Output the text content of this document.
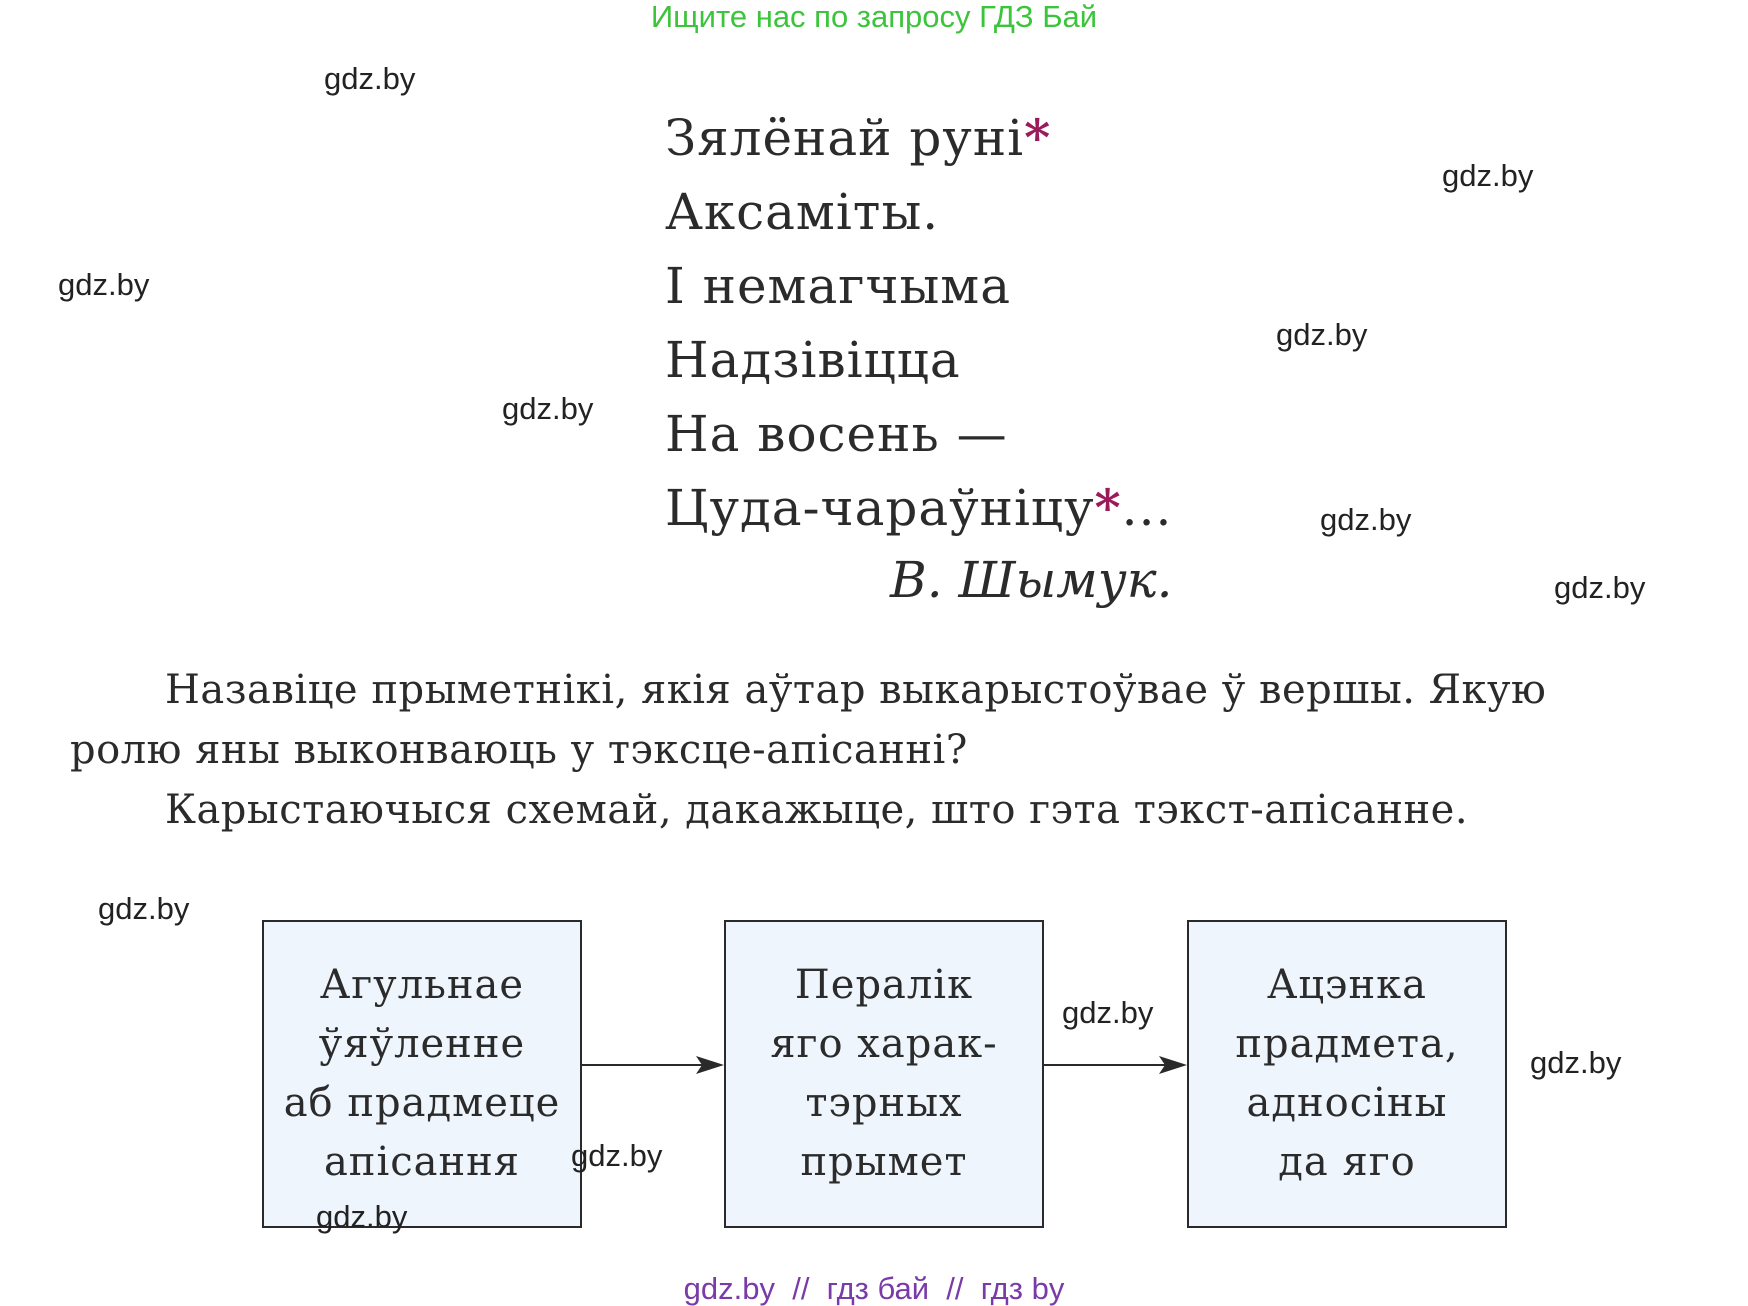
Ищите нас по запросу ГДЗ Бай
Зялёнай руні*
Аксаміты.
І немагчыма
Надзівіцца
На восень —
Цуда-чараўніцу*...
В. Шымук.
Назавіце прыметнікі, якія аўтар выкарыстоўвае ў вершы. Якую
ролю яны выконваюць у тэксце-апісанні?
Карыстаючыся схемай, дакажыце, што гэта тэкст-апісанне.
Агульнае
ўяўленне
аб прадмеце
апісання
Пералік
яго харак-
тэрных
прымет
Ацэнка
прадмета,
адносіны
да яго
gdz.by
gdz.by
gdz.by
gdz.by
gdz.by
gdz.by
gdz.by
gdz.by
gdz.by
gdz.by
gdz.by
gdz.by
gdz.by  //  гдз бай  //  гдз by
